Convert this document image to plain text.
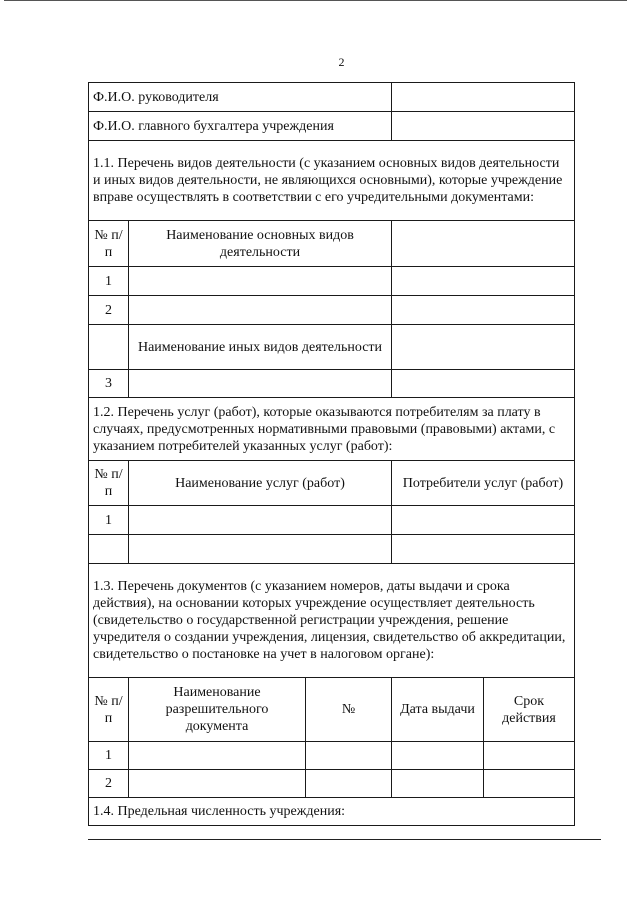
2
Ф.И.О. руководителя				
Ф.И.О. главного бухгалтера учреждения				
1.1. Перечень видов деятельности (с указанием основных видов деятельности и иных видов деятельности, не являющихся основными), которые учреждение вправе осуществлять в соответствии с его учредительными документами:				
№ п/п	Наименование основных видов деятельности			
1				
2				
	Наименование иных видов деятельности			
3				
1.2. Перечень услуг (работ), которые оказываются потребителям за плату в случаях, предусмотренных нормативными правовыми (правовыми) актами, с указанием потребителей указанных услуг (работ):				
№ п/п	Наименование услуг (работ)		Потребители услуг (работ)	
1				

1.3. Перечень документов (с указанием номеров, даты выдачи и срока действия), на основании которых учреждение осуществляет деятельность (свидетельство о государственной регистрации учреждения, решение учредителя о создании учреждения, лицензия, свидетельство об аккредитации, свидетельство о постановке на учет в налоговом органе):				
№ п/п	Наименование разрешительного документа	№	Дата выдачи	Срок действия
1				
2				
1.4. Предельная численность учреждения:				
